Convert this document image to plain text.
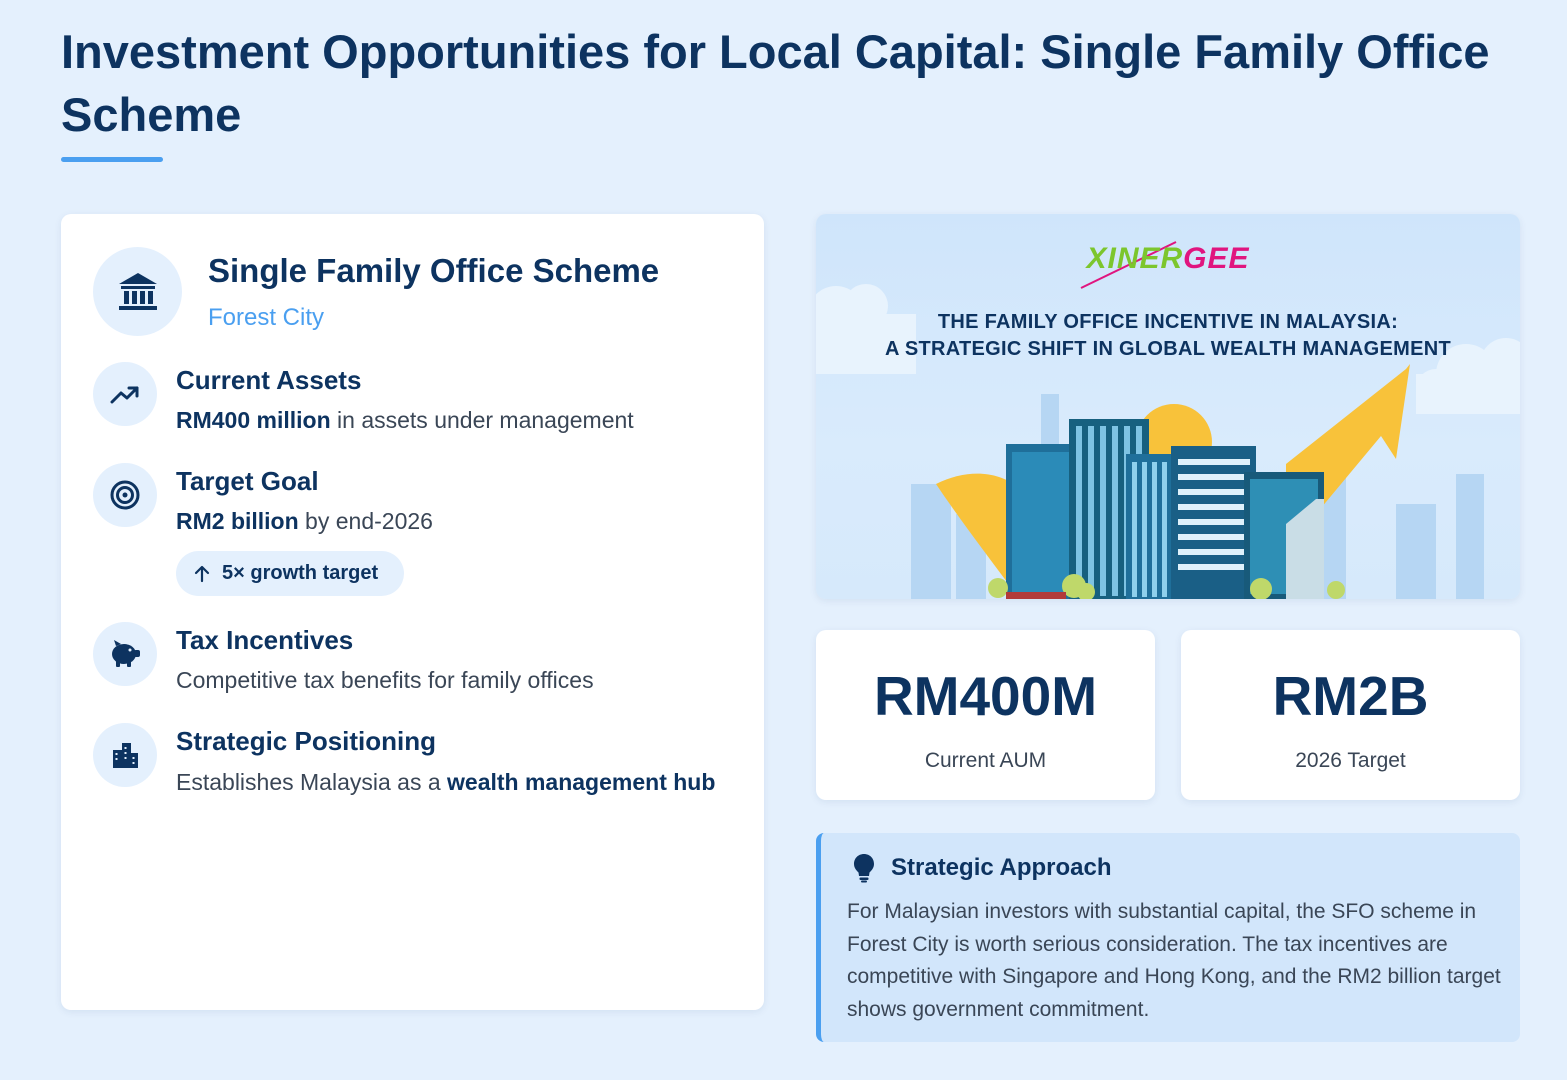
Investment Opportunities for Local Capital: Single Family Office Scheme
Single Family Office Scheme
Forest City
Current Assets
RM400 million in assets under management
Target Goal
RM2 billion by end-2026
5× growth target
Tax Incentives
Competitive tax benefits for family offices
Strategic Positioning
Establishes Malaysia as a wealth management hub
XINERGEE
THE FAMILY OFFICE INCENTIVE IN MALAYSIA:
A STRATEGIC SHIFT IN GLOBAL WEALTH MANAGEMENT
RM400M
Current AUM
RM2B
2026 Target
Strategic Approach
For Malaysian investors with substantial capital, the SFO scheme in Forest City is worth serious consideration. The tax incentives are competitive with Singapore and Hong Kong, and the RM2 billion target shows government commitment.
